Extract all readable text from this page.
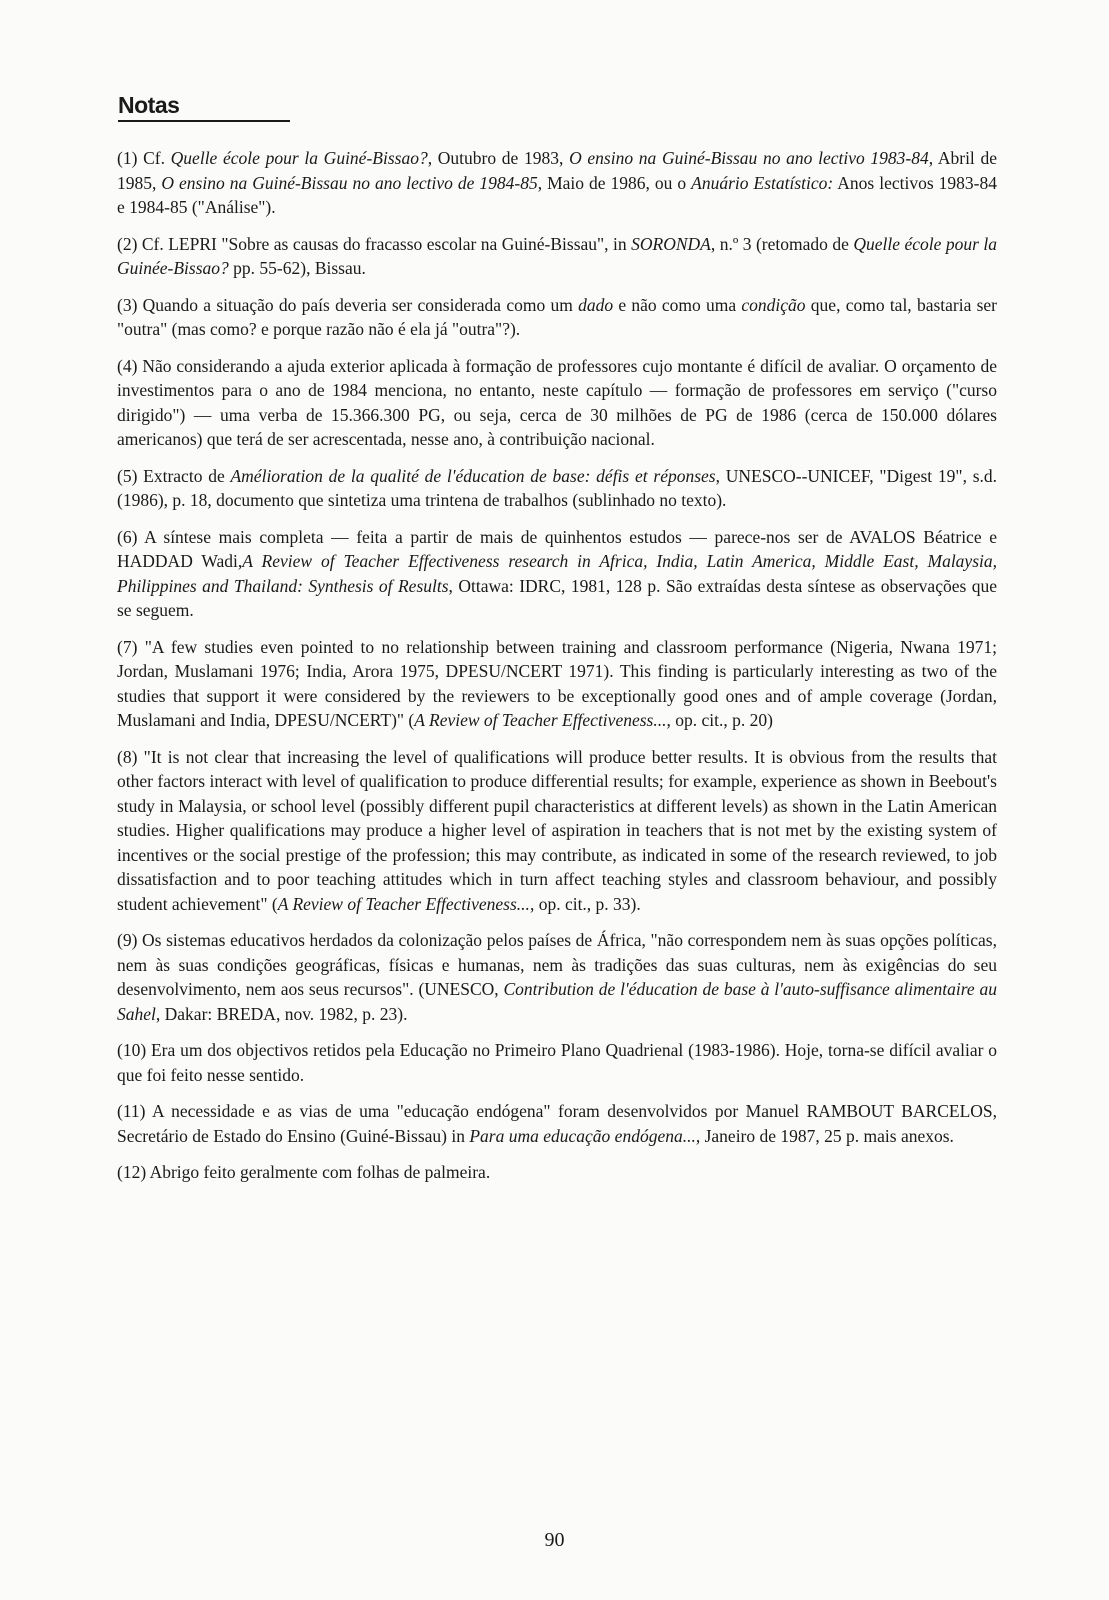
Notas

(1) Cf. Quelle école pour la Guiné-Bissao?, Outubro de 1983, O ensino na Guiné-Bissau no ano lectivo 1983-84, Abril de 1985, O ensino na Guiné-Bissau no ano lectivo de 1984-85, Maio de 1986, ou o Anuário Estatístico: Anos lectivos 1983-84 e 1984-85 ("Análise").

(2) Cf. LEPRI "Sobre as causas do fracasso escolar na Guiné-Bissau", in SORONDA, n.º 3 (retomado de Quelle école pour la Guinée-Bissao? pp. 55-62), Bissau.

(3) Quando a situação do país deveria ser considerada como um dado e não como uma condição que, como tal, bastaria ser "outra" (mas como? e porque razão não é ela já "outra"?).

(4) Não considerando a ajuda exterior aplicada à formação de professores cujo montante é difícil de avaliar. O orçamento de investimentos para o ano de 1984 menciona, no entanto, neste capítulo — formação de professores em serviço ("curso dirigido") — uma verba de 15.366.300 PG, ou seja, cerca de 30 milhões de PG de 1986 (cerca de 150.000 dólares americanos) que terá de ser acrescentada, nesse ano, à contribuição nacional.

(5) Extracto de Amélioration de la qualité de l'éducation de base: défis et réponses, UNESCO--UNICEF, "Digest 19", s.d. (1986), p. 18, documento que sintetiza uma trintena de trabalhos (sublinhado no texto).

(6) A síntese mais completa — feita a partir de mais de quinhentos estudos — parece-nos ser de AVALOS Béatrice e HADDAD Wadi,A Review of Teacher Effectiveness research in Africa, India, Latin America, Middle East, Malaysia, Philippines and Thailand: Synthesis of Results, Ottawa: IDRC, 1981, 128 p. São extraídas desta síntese as observações que se seguem.

(7) "A few studies even pointed to no relationship between training and classroom performance (Nigeria, Nwana 1971; Jordan, Muslamani 1976; India, Arora 1975, DPESU/NCERT 1971). This finding is particularly interesting as two of the studies that support it were considered by the reviewers to be exceptionally good ones and of ample coverage (Jordan, Muslamani and India, DPESU/NCERT)" (A Review of Teacher Effectiveness..., op. cit., p. 20)

(8) "It is not clear that increasing the level of qualifications will produce better results. It is obvious from the results that other factors interact with level of qualification to produce differential results; for example, experience as shown in Beebout's study in Malaysia, or school level (possibly different pupil characteristics at different levels) as shown in the Latin American studies. Higher qualifications may produce a higher level of aspiration in teachers that is not met by the existing system of incentives or the social prestige of the profession; this may contribute, as indicated in some of the research reviewed, to job dissatisfaction and to poor teaching attitudes which in turn affect teaching styles and classroom behaviour, and possibly student achievement" (A Review of Teacher Effectiveness..., op. cit., p. 33).

(9) Os sistemas educativos herdados da colonização pelos países de África, "não correspondem nem às suas opções políticas, nem às suas condições geográficas, físicas e humanas, nem às tradições das suas culturas, nem às exigências do seu desenvolvimento, nem aos seus recursos". (UNESCO, Contribution de l'éducation de base à l'auto-suffisance alimentaire au Sahel, Dakar: BREDA, nov. 1982, p. 23).

(10) Era um dos objectivos retidos pela Educação no Primeiro Plano Quadrienal (1983-1986). Hoje, torna-se difícil avaliar o que foi feito nesse sentido.

(11) A necessidade e as vias de uma "educação endógena" foram desenvolvidos por Manuel RAMBOUT BARCELOS, Secretário de Estado do Ensino (Guiné-Bissau) in Para uma educação endógena..., Janeiro de 1987, 25 p. mais anexos.

(12) Abrigo feito geralmente com folhas de palmeira.

90
